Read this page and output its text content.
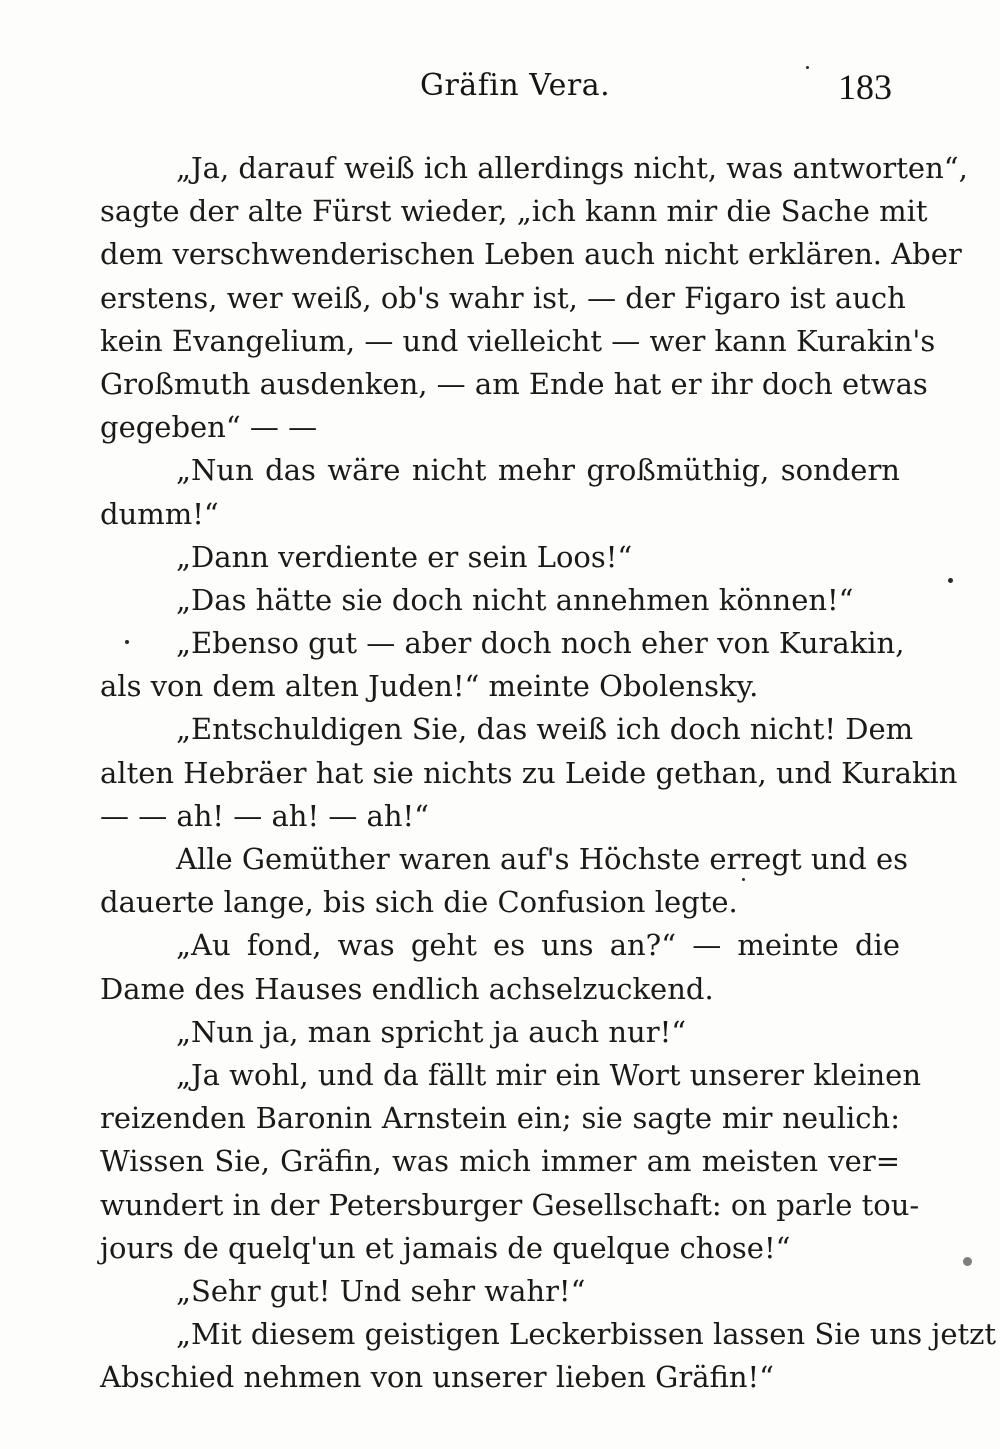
Gräfin Vera.	183
„Ja, darauf weiß ich allerdings nicht, was antworten“,
sagte der alte Fürst wieder, „ich kann mir die Sache mit
dem verschwenderischen Leben auch nicht erklären. Aber
erstens, wer weiß, ob's wahr ist, — der Figaro ist auch
kein Evangelium, — und vielleicht — wer kann Kurakin's
Großmuth ausdenken, — am Ende hat er ihr doch etwas
gegeben“ — —
„Nun das wäre nicht mehr großmüthig, sondern
dumm!“
„Dann verdiente er sein Loos!“
„Das hätte sie doch nicht annehmen können!“
„Ebenso gut — aber doch noch eher von Kurakin,
als von dem alten Juden!“ meinte Obolensky.
„Entschuldigen Sie, das weiß ich doch nicht! Dem
alten Hebräer hat sie nichts zu Leide gethan, und Kurakin
— — ah! — ah! — ah!“
Alle Gemüther waren auf's Höchste erregt und es
dauerte lange, bis sich die Confusion legte.
„Au fond, was geht es uns an?“ — meinte die
Dame des Hauses endlich achselzuckend.
„Nun ja, man spricht ja auch nur!“
„Ja wohl, und da fällt mir ein Wort unserer kleinen
reizenden Baronin Arnstein ein; sie sagte mir neulich:
Wissen Sie, Gräfin, was mich immer am meisten ver=
wundert in der Petersburger Gesellschaft: on parle tou-
jours de quelq'un et jamais de quelque chose!“
„Sehr gut! Und sehr wahr!“
„Mit diesem geistigen Leckerbissen lassen Sie uns jetzt
Abschied nehmen von unserer lieben Gräfin!“
